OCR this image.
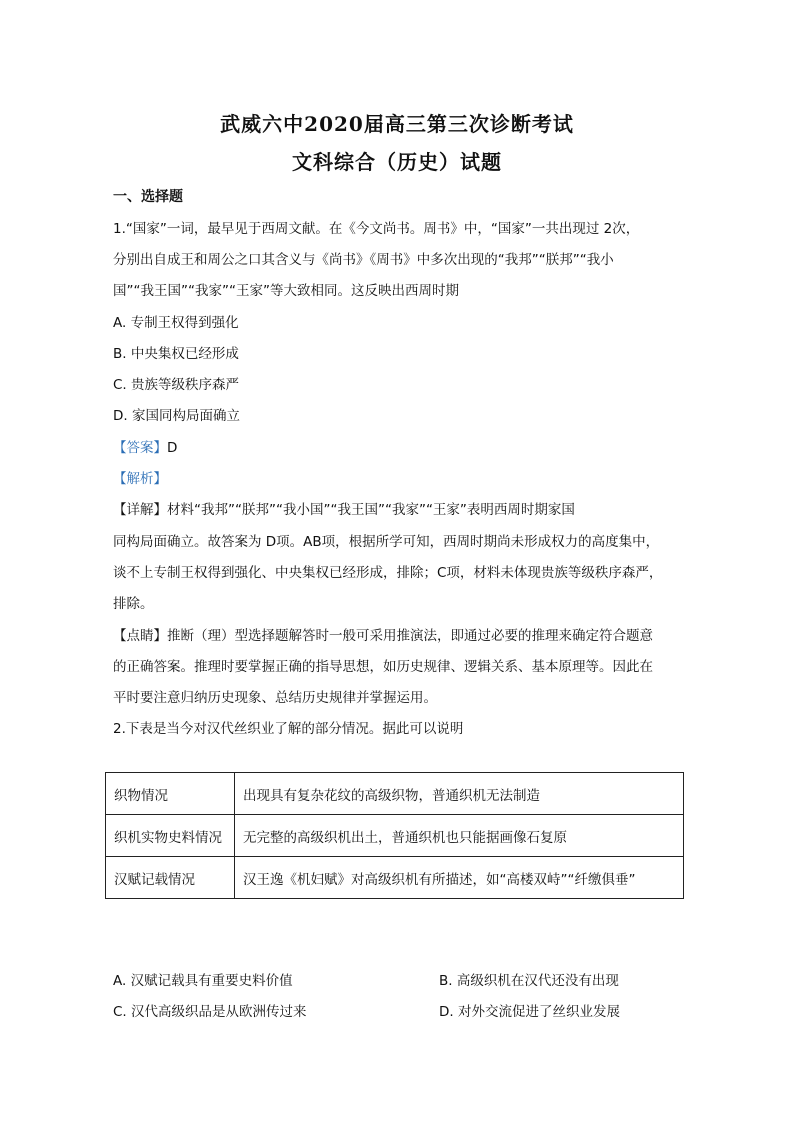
武威六中2020届高三第三次诊断考试
文科综合（历史）试题
一、选择题
1.“国家”一词，最早见于西周文献。在《今文尚书。周书》中，“国家”一共出现过 2次，
分别出自成王和周公之口其含义与《尚书》《周书》中多次出现的“我邦”“朕邦”“我小
国”“我王国”“我家”“王家”等大致相同。这反映出西周时期
A. 专制王权得到强化
B. 中央集权已经形成
C. 贵族等级秩序森严
D. 家国同构局面确立
【答案】D
【解析】
【详解】材料“我邦”“朕邦”“我小国”“我王国”“我家”“王家”表明西周时期家国
同构局面确立。故答案为 D项。AB项，根据所学可知，西周时期尚未形成权力的高度集中，
谈不上专制王权得到强化、中央集权已经形成，排除；C项，材料未体现贵族等级秩序森严，
排除。
【点睛】推断（理）型选择题解答时一般可采用推演法，即通过必要的推理来确定符合题意
的正确答案。推理时要掌握正确的指导思想，如历史规律、逻辑关系、基本原理等。因此在
平时要注意归纳历史现象、总结历史规律并掌握运用。
2.下表是当今对汉代丝织业了解的部分情况。据此可以说明
织物情况	出现具有复杂花纹的高级织物，普通织机无法制造
织机实物史料情况	无完整的高级织机出土，普通织机也只能据画像石复原
汉赋记载情况	汉王逸《机妇赋》对高级织机有所描述，如“高楼双峙”“纤缴俱垂”
A. 汉赋记载具有重要史料价值	B. 高级织机在汉代还没有出现
C. 汉代高级织品是从欧洲传过来	D. 对外交流促进了丝织业发展
